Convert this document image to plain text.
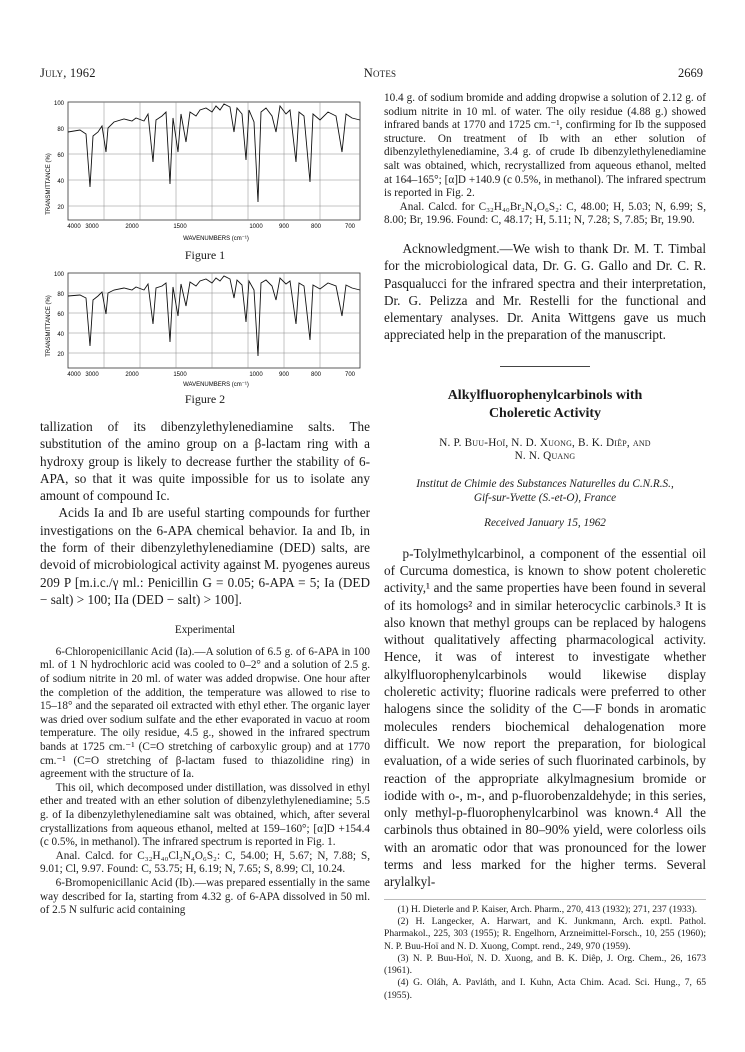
July, 1962	Notes	2669
TRANSMITTANCE (%)
100
80
60
40
20
4000 3000	2000	1500	1000	900	800	700
WAVENUMBERS (cm⁻¹)
Figure 1
TRANSMITTANCE (%)
100
80
60
40
20
4000 3000	2000	1500	1000	900	800	700
WAVENUMBERS (cm⁻¹)
Figure 2

tallization of its dibenzylethylenediamine salts. The substitution of the amino group on a β-lactam ring with a hydroxy group is likely to decrease further the stability of 6-APA, so that it was quite impossible for us to isolate any amount of compound Ic.

Acids Ia and Ib are useful starting compounds for further investigations on the 6-APA chemical behavior. Ia and Ib, in the form of their dibenzylethylenediamine (DED) salts, are devoid of microbiological activity against M. pyogenes aureus 209 P [m.i.c./γ ml.: Penicillin G = 0.05; 6-APA = 5; Ia (DED − salt) > 100; IIa (DED − salt) > 100].

Experimental

6-Chloropenicillanic Acid (Ia).—A solution of 6.5 g. of 6-APA in 100 ml. of 1 N hydrochloric acid was cooled to 0–2° and a solution of 2.5 g. of sodium nitrite in 20 ml. of water was added dropwise. One hour after the completion of the addition, the temperature was allowed to rise to 15–18° and the separated oil extracted with ethyl ether. The organic layer was dried over sodium sulfate and the ether evaporated in vacuo at room temperature. The oily residue, 4.5 g., showed in the infrared spectrum bands at 1725 cm.⁻¹ (C=O stretching of carboxylic group) and at 1770 cm.⁻¹ (C=O stretching of β-lactam fused to thiazolidine ring) in agreement with the structure of Ia.

This oil, which decomposed under distillation, was dissolved in ethyl ether and treated with an ether solution of dibenzylethylenediamine; 5.5 g. of Ia dibenzylethylenediamine salt was obtained, which, after several crystallizations from aqueous ethanol, melted at 159–160°; [α]D +154.4 (c 0.5%, in methanol). The infrared spectrum is reported in Fig. 1.

Anal. Calcd. for C₃₂H₄₀Cl₂N₄O₆S₂: C, 54.00; H, 5.67; N, 7.88; S, 9.01; Cl, 9.97. Found: C, 53.75; H, 6.19; N, 7.65; S, 8.99; Cl, 10.24.

6-Bromopenicillanic Acid (Ib).—was prepared essentially in the same way described for Ia, starting from 4.32 g. of 6-APA dissolved in 50 ml. of 2.5 N sulfuric acid containing

10.4 g. of sodium bromide and adding dropwise a solution of 2.12 g. of sodium nitrite in 10 ml. of water. The oily residue (4.88 g.) showed infrared bands at 1770 and 1725 cm.⁻¹, confirming for Ib the supposed structure. On treatment of Ib with an ether solution of dibenzylethylenediamine, 3.4 g. of crude Ib dibenzylethylenediamine salt was obtained, which, recrystallized from aqueous ethanol, melted at 164–165°; [α]D +140.9 (c 0.5%, in methanol). The infrared spectrum is reported in Fig. 2.

Anal. Calcd. for C₃₂H₄₀Br₂N₄O₆S₂: C, 48.00; H, 5.03; N, 6.99; S, 8.00; Br, 19.96. Found: C, 48.17; H, 5.11; N, 7.28; S, 7.85; Br, 19.90.

Acknowledgment.—We wish to thank Dr. M. T. Timbal for the microbiological data, Dr. G. G. Gallo and Dr. C. R. Pasqualucci for the infrared spectra and their interpretation, Dr. G. Pelizza and Mr. Restelli for the functional and elementary analyses. Dr. Anita Wittgens gave us much appreciated help in the preparation of the manuscript.

Alkylfluorophenylcarbinols with Choleretic Activity

N. P. Buu-Hoï, N. D. Xuong, B. K. Diêp, and

N. N. Quang

Institut de Chimie des Substances Naturelles du C.N.R.S.,

Gif-sur-Yvette (S.-et-O), France

Received January 15, 1962

p-Tolylmethylcarbinol, a component of the essential oil of Curcuma domestica, is known to show potent choleretic activity,¹ and the same properties have been found in several of its homologs² and in similar heterocyclic carbinols.³ It is also known that methyl groups can be replaced by halogens without qualitatively affecting pharmacological activity. Hence, it was of interest to investigate whether alkylfluorophenylcarbinols would likewise display choleretic activity; fluorine radicals were preferred to other halogens since the solidity of the C—F bonds in aromatic molecules renders biochemical dehalogenation more difficult. We now report the preparation, for biological evaluation, of a wide series of such fluorinated carbinols, by reaction of the appropriate alkylmagnesium bromide or iodide with o-, m-, and p-fluorobenzaldehyde; in this series, only methyl-p-fluorophenylcarbinol was known.⁴ All the carbinols thus obtained in 80–90% yield, were colorless oils with an aromatic odor that was pronounced for the lower terms and less marked for the higher terms. Several arylalkyl-

(1) H. Dieterle and P. Kaiser, Arch. Pharm., 270, 413 (1932); 271, 237 (1933).

(2) H. Langecker, A. Harwart, and K. Junkmann, Arch. exptl. Pathol. Pharmakol., 225, 303 (1955); R. Engelhorn, Arzneimittel-Forsch., 10, 255 (1960); N. P. Buu-Hoï and N. D. Xuong, Compt. rend., 249, 970 (1959).

(3) N. P. Buu-Hoï, N. D. Xuong, and B. K. Diêp, J. Org. Chem., 26, 1673 (1961).

(4) G. Oláh, A. Pavláth, and I. Kuhn, Acta Chim. Acad. Sci. Hung., 7, 65 (1955).
